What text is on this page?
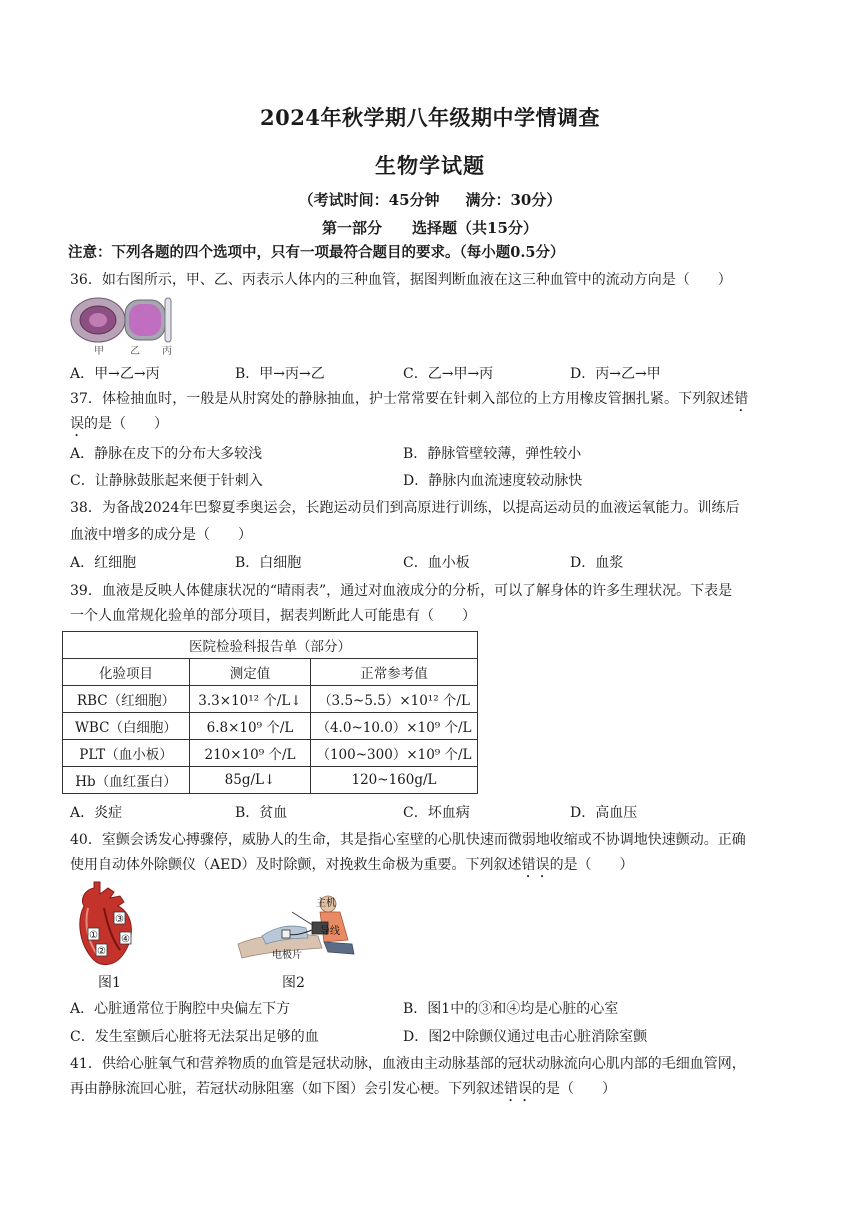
2024年秋学期八年级期中学情调查
生物学试题
（考试时间：45分钟 满分：30分）
第一部分　　选择题（共15分）
注意：下列各题的四个选项中，只有一项最符合题目的要求。（每小题0.5分）
36．如右图所示，甲、乙、丙表示人体内的三种血管，据图判断血液在这三种血管中的流动方向是（　　）
甲	乙 丙
A．甲→乙→丙	B．甲→丙→乙	C．乙→甲→丙	D．丙→乙→甲
37．体检抽血时，一般是从肘窝处的静脉抽血，护士常常要在针刺入部位的上方用橡皮管捆扎紧。下列叙述错
误的是（　　）
A．静脉在皮下的分布大多较浅	B．静脉管壁较薄，弹性较小
C．让静脉鼓胀起来便于针刺入	D．静脉内血流速度较动脉快
38．为备战2024年巴黎夏季奥运会，长跑运动员们到高原进行训练，以提高运动员的血液运氧能力。训练后
血液中增多的成分是（　　）
A．红细胞	B．白细胞	C．血小板	D．血浆
39．血液是反映人体健康状况的“晴雨表”，通过对血液成分的分析，可以了解身体的许多生理状况。下表是
一个人血常规化验单的部分项目，据表判断此人可能患有（　　）
医院检验科报告单（部分）		
化验项目	测定值	正常参考值
RBC（红细胞）	3.3×10¹² 个/L↓	（3.5~5.5）×10¹² 个/L
WBC（白细胞）	6.8×10⁹ 个/L	（4.0~10.0）×10⁹ 个/L
PLT（血小板）	210×10⁹ 个/L	（100~300）×10⁹ 个/L
Hb（血红蛋白）	85g/L↓	120~160g/L
A．炎症	B．贫血	C．坏血病	D．高血压
40．室颤会诱发心搏骤停，威胁人的生命，其是指心室壁的心肌快速而微弱地收缩或不协调地快速颤动。正确
使用自动体外除颤仪（AED）及时除颤，对挽救生命极为重要。下列叙述错误的是（　　）
③
① ④
②
图1
主机
导线
电极片
图2
A．心脏通常位于胸腔中央偏左下方	B．图1中的③和④均是心脏的心室
C．发生室颤后心脏将无法泵出足够的血	D．图2中除颤仪通过电击心脏消除室颤
41．供给心脏氧气和营养物质的血管是冠状动脉，血液由主动脉基部的冠状动脉流向心肌内部的毛细血管网，
再由静脉流回心脏，若冠状动脉阻塞（如下图）会引发心梗。下列叙述错误的是（　　）
